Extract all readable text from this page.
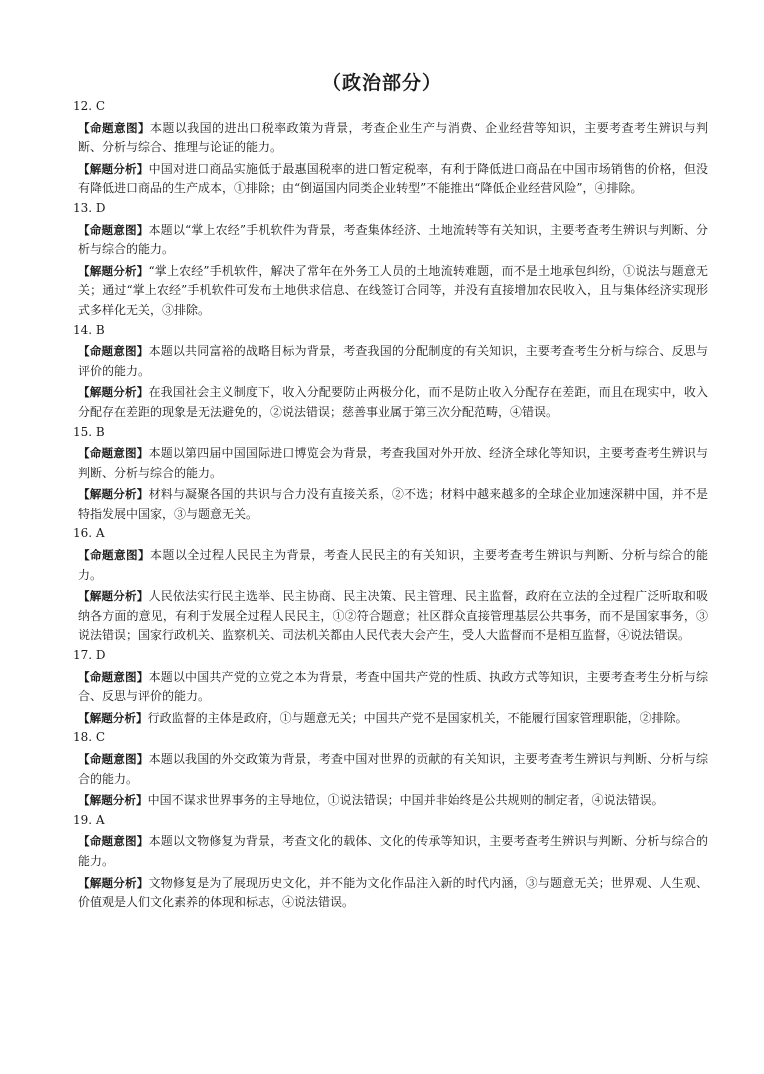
（政治部分）
12. C
【命题意图】本题以我国的进出口税率政策为背景，考查企业生产与消费、企业经营等知识，主要考查考生辨识与判断、分析与综合、推理与论证的能力。
【解题分析】中国对进口商品实施低于最惠国税率的进口暂定税率，有利于降低进口商品在中国市场销售的价格，但没有降低进口商品的生产成本，①排除；由“倒逼国内同类企业转型”不能推出“降低企业经营风险”，④排除。
13. D
【命题意图】本题以“掌上农经”手机软件为背景，考查集体经济、土地流转等有关知识，主要考查考生辨识与判断、分析与综合的能力。
【解题分析】“掌上农经”手机软件，解决了常年在外务工人员的土地流转难题，而不是土地承包纠纷，①说法与题意无关；通过“掌上农经”手机软件可发布土地供求信息、在线签订合同等，并没有直接增加农民收入，且与集体经济实现形式多样化无关，③排除。
14. B
【命题意图】本题以共同富裕的战略目标为背景，考查我国的分配制度的有关知识，主要考查考生分析与综合、反思与评价的能力。
【解题分析】在我国社会主义制度下，收入分配要防止两极分化，而不是防止收入分配存在差距，而且在现实中，收入分配存在差距的现象是无法避免的，②说法错误；慈善事业属于第三次分配范畴，④错误。
15. B
【命题意图】本题以第四届中国国际进口博览会为背景，考查我国对外开放、经济全球化等知识，主要考查考生辨识与判断、分析与综合的能力。
【解题分析】材料与凝聚各国的共识与合力没有直接关系，②不选；材料中越来越多的全球企业加速深耕中国，并不是特指发展中国家，③与题意无关。
16. A
【命题意图】本题以全过程人民民主为背景，考查人民民主的有关知识，主要考查考生辨识与判断、分析与综合的能力。
【解题分析】人民依法实行民主选举、民主协商、民主决策、民主管理、民主监督，政府在立法的全过程广泛听取和吸纳各方面的意见，有利于发展全过程人民民主，①②符合题意；社区群众直接管理基层公共事务，而不是国家事务，③说法错误；国家行政机关、监察机关、司法机关都由人民代表大会产生，受人大监督而不是相互监督，④说法错误。
17. D
【命题意图】本题以中国共产党的立党之本为背景，考查中国共产党的性质、执政方式等知识，主要考查考生分析与综合、反思与评价的能力。
【解题分析】行政监督的主体是政府，①与题意无关；中国共产党不是国家机关，不能履行国家管理职能，②排除。
18. C
【命题意图】本题以我国的外交政策为背景，考查中国对世界的贡献的有关知识，主要考查考生辨识与判断、分析与综合的能力。
【解题分析】中国不谋求世界事务的主导地位，①说法错误；中国并非始终是公共规则的制定者，④说法错误。
19. A
【命题意图】本题以文物修复为背景，考查文化的载体、文化的传承等知识，主要考查考生辨识与判断、分析与综合的能力。
【解题分析】文物修复是为了展现历史文化，并不能为文化作品注入新的时代内涵，③与题意无关；世界观、人生观、价值观是人们文化素养的体现和标志，④说法错误。
